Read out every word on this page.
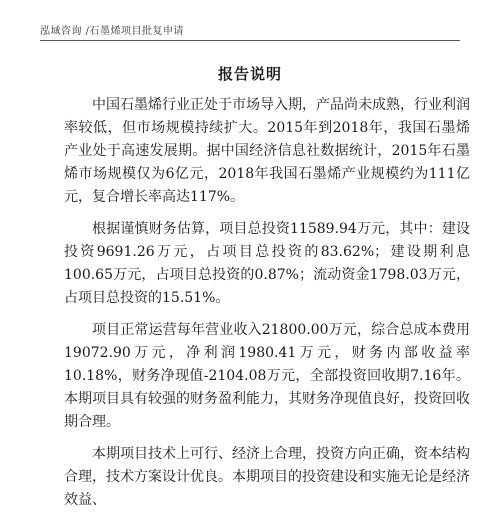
泓域咨询 /石墨烯项目批复申请
报告说明

中国石墨烯行业正处于市场导入期，产品尚未成熟，行业利润率较低，但市场规模持续扩大。2015年到2018年，我国石墨烯产业处于高速发展期。据中国经济信息社数据统计，2015年石墨烯市场规模仅为6亿元，2018年我国石墨烯产业规模约为111亿元，复合增长率高达117%。

根据谨慎财务估算，项目总投资11589.94万元，其中：建设投资9691.26万元，占项目总投资的83.62%；建设期利息100.65万元，占项目总投资的0.87%；流动资金1798.03万元，占项目总投资的15.51%。

项目正常运营每年营业收入21800.00万元，综合总成本费用19072.90万元，净利润1980.41万元，财务内部收益率10.18%，财务净现值-2104.08万元，全部投资回收期7.16年。本期项目具有较强的财务盈利能力，其财务净现值良好，投资回收期合理。

本期项目技术上可行、经济上合理，投资方向正确，资本结构合理，技术方案设计优良。本期项目的投资建设和实施无论是经济效益、
